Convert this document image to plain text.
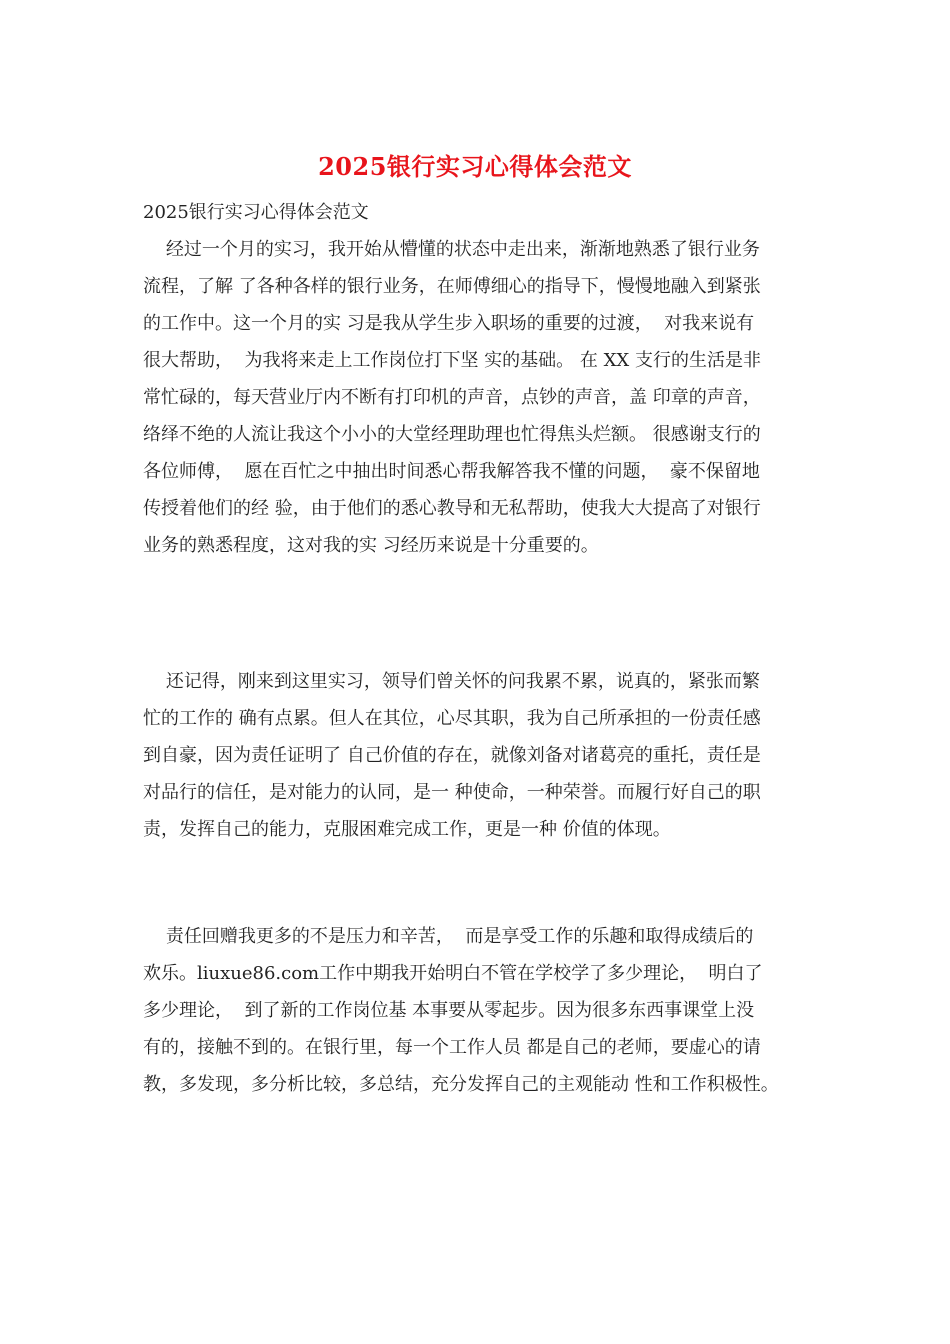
2025银行实习心得体会范文
2025银行实习心得体会范文
经过一个月的实习，我开始从懵懂的状态中走出来，渐渐地熟悉了银行业务
流程，了解 了各种各样的银行业务，在师傅细心的指导下，慢慢地融入到紧张
的工作中。这一个月的实 习是我从学生步入职场的重要的过渡，  对我来说有
很大帮助，  为我将来走上工作岗位打下坚 实的基础。 在 XX 支行的生活是非
常忙碌的，每天营业厅内不断有打印机的声音，点钞的声音，盖 印章的声音，
络绎不绝的人流让我这个小小的大堂经理助理也忙得焦头烂额。 很感谢支行的
各位师傅，  愿在百忙之中抽出时间悉心帮我解答我不懂的问题，  豪不保留地
传授着他们的经 验，由于他们的悉心教导和无私帮助，使我大大提高了对银行
业务的熟悉程度，这对我的实 习经历来说是十分重要的。
还记得，刚来到这里实习，领导们曾关怀的问我累不累，说真的，紧张而繁
忙的工作的 确有点累。但人在其位，心尽其职，我为自己所承担的一份责任感
到自豪，因为责任证明了 自己价值的存在，就像刘备对诸葛亮的重托，责任是
对品行的信任，是对能力的认同，是一 种使命，一种荣誉。而履行好自己的职
责，发挥自己的能力，克服困难完成工作，更是一种 价值的体现。
责任回赠我更多的不是压力和辛苦，  而是享受工作的乐趣和取得成绩后的
欢乐。liuxue86.com工作中期我开始明白不管在学校学了多少理论，  明白了
多少理论，  到了新的工作岗位基 本事要从零起步。因为很多东西事课堂上没
有的，接触不到的。在银行里，每一个工作人员 都是自己的老师，要虚心的请
教，多发现，多分析比较，多总结，充分发挥自己的主观能动 性和工作积极性。
